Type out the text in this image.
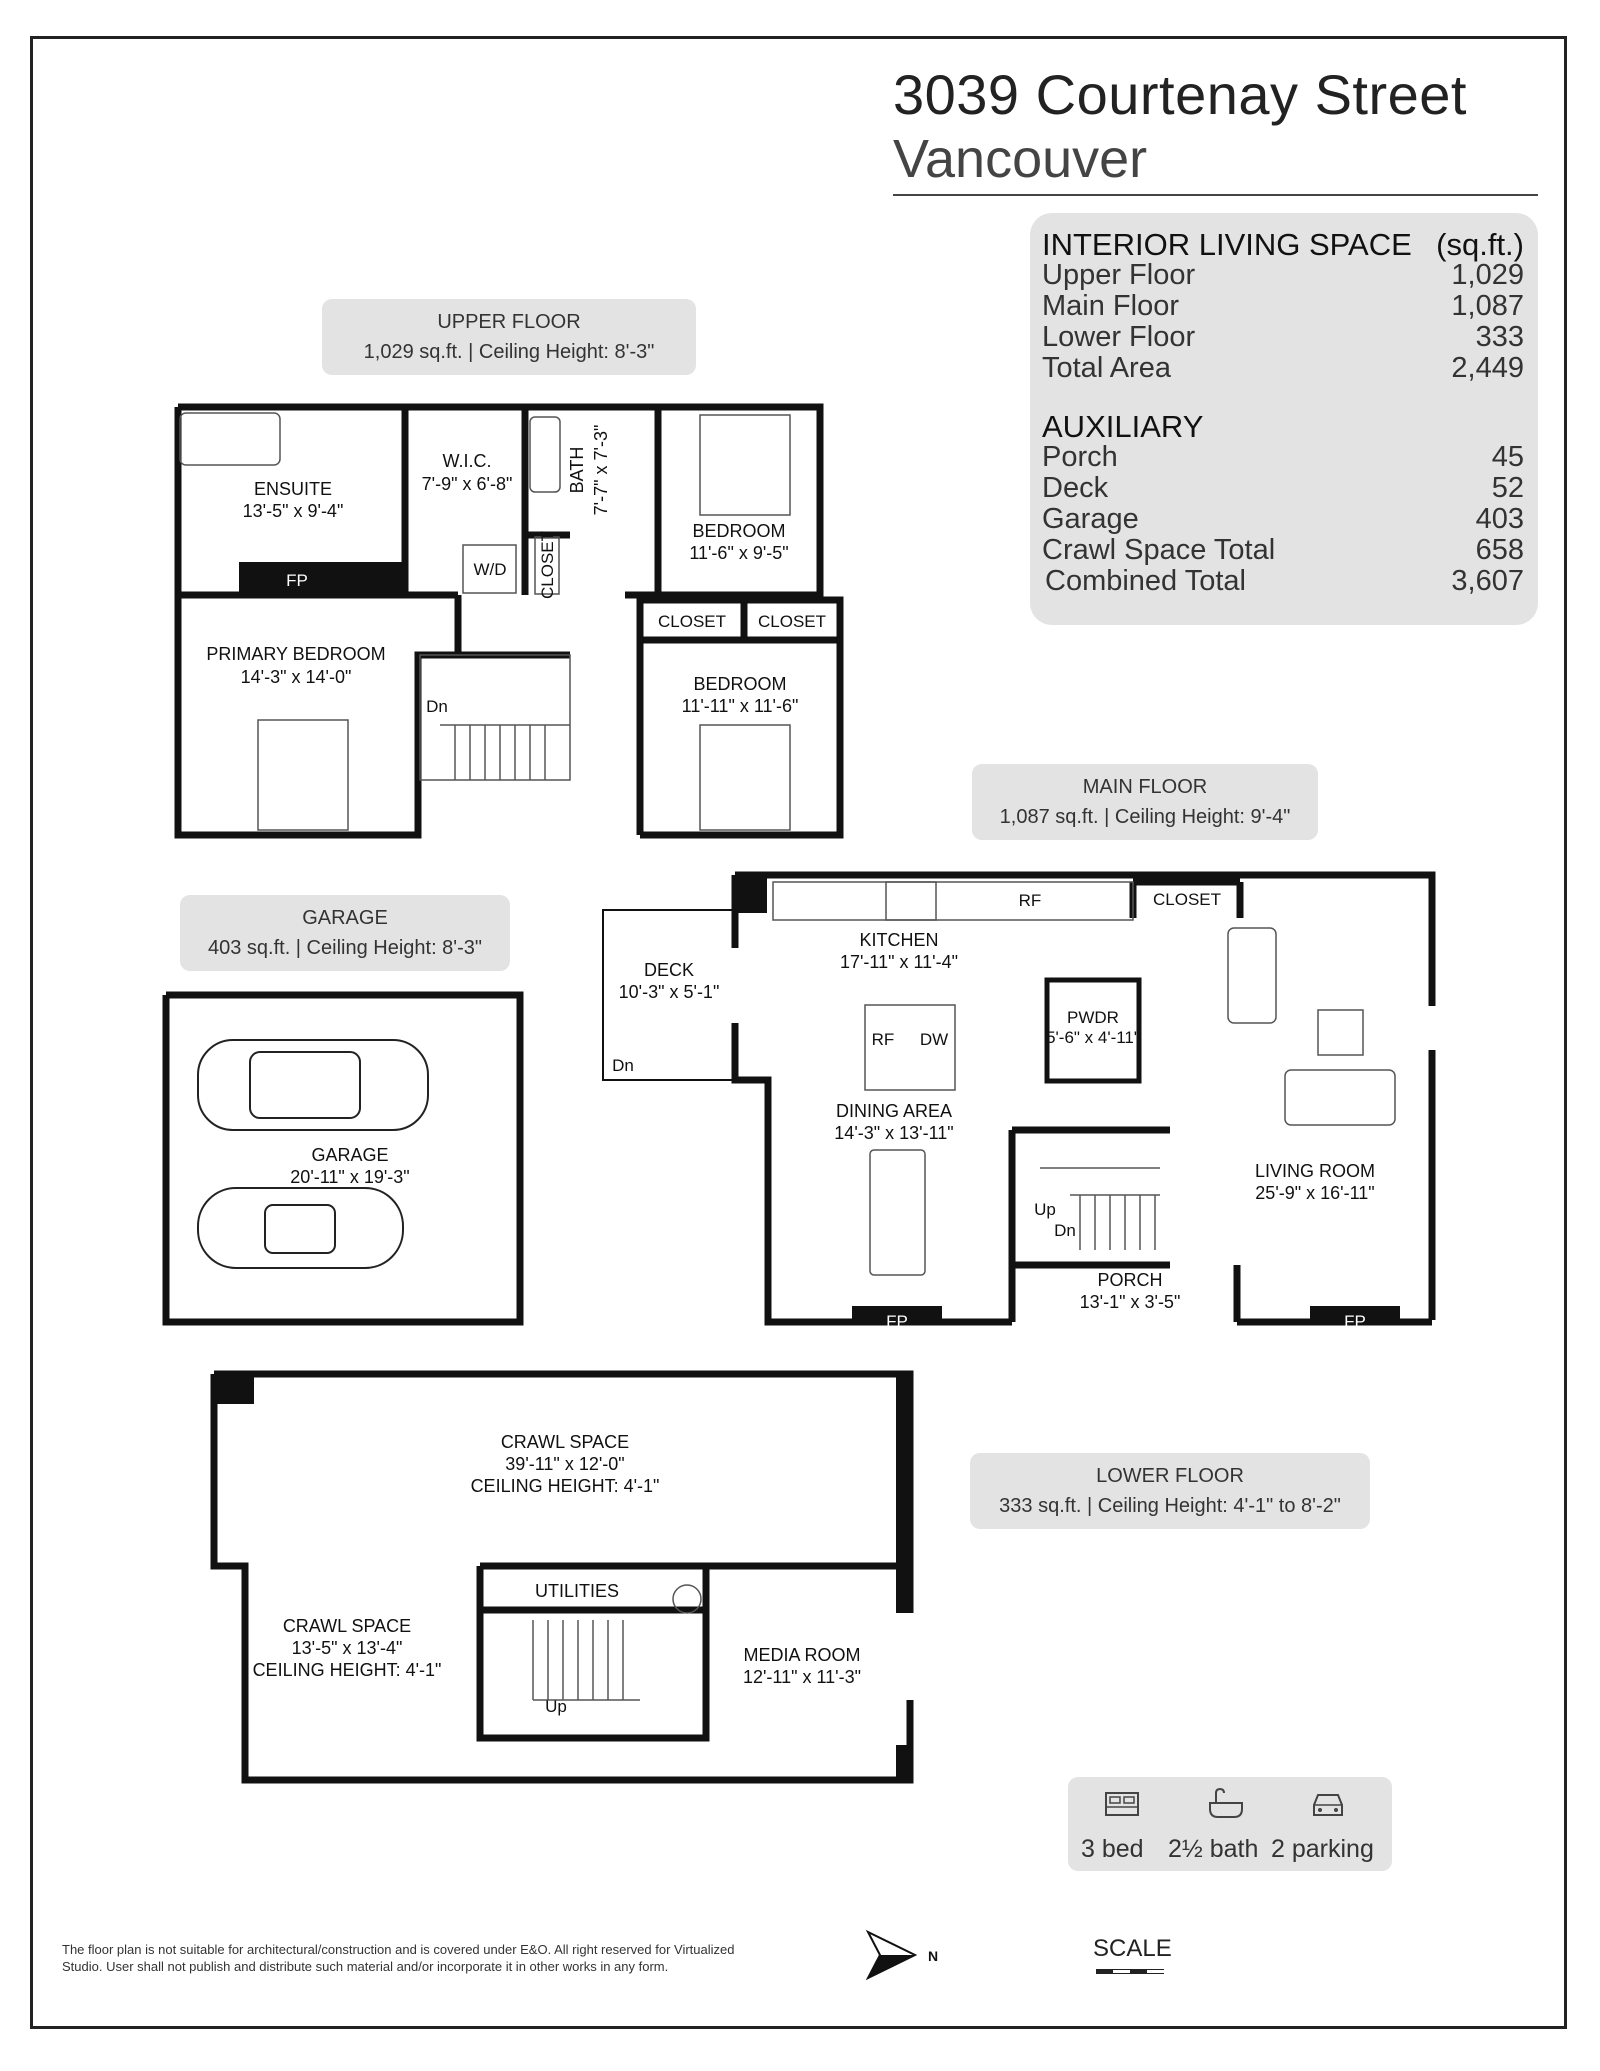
3039 Courtenay Street
Vancouver
INTERIOR LIVING SPACE (sq.ft.)
Upper Floor	1,029
Main Floor	1,087
Lower Floor	333
Total Area	2,449
AUXILIARY
Porch	45
Deck	52
Garage	403
Crawl Space Total	658
Combined Total	3,607
UPPER FLOOR
1,029 sq.ft. | Ceiling Height: 8'-3"
MAIN FLOOR
1,087 sq.ft. | Ceiling Height: 9'-4"
GARAGE
403 sq.ft. | Ceiling Height: 8'-3"
LOWER FLOOR
333 sq.ft. | Ceiling Height: 4'-1" to 8'-2"
FP
FP	FP
ENSUITE
13'-5" x 9'-4"
W.I.C.
7'-9" x 6'-8"	BATH 7'-7" x 7'-3"
BEDROOM
11'-6" x 9'-5"
PRIMARY BEDROOM
14'-3" x 14'-0"	BEDROOM
11'-11" x 11'-6"
W/D CLOSET
CLOSET CLOSET
Dn
KITCHEN
17'-11" x 11'-4"
RF	CLOSET
RF DW
DECK
10'-3" x 5'-1"
Dn
PWDR
5'-6" x 4'-11"
DINING AREA
14'-3" x 13'-11"
LIVING ROOM
25'-9" x 16'-11"
Up
Dn
PORCH
13'-1" x 3'-5"
GARAGE
20'-11" x 19'-3"
CRAWL SPACE
39'-11" x 12'-0"
CEILING HEIGHT: 4'-1"
CRAWL SPACE
13'-5" x 13'-4"
CEILING HEIGHT: 4'-1"
UTILITIES
MEDIA ROOM
12'-11" x 11'-3"
Up
N
3 bed 2½ bath 2 parking
The floor plan is not suitable for architectural/construction and is covered under E&O. All right reserved for Virtualized Studio. User shall not publish and distribute such material and/or incorporate it in other works in any form.
SCALE
